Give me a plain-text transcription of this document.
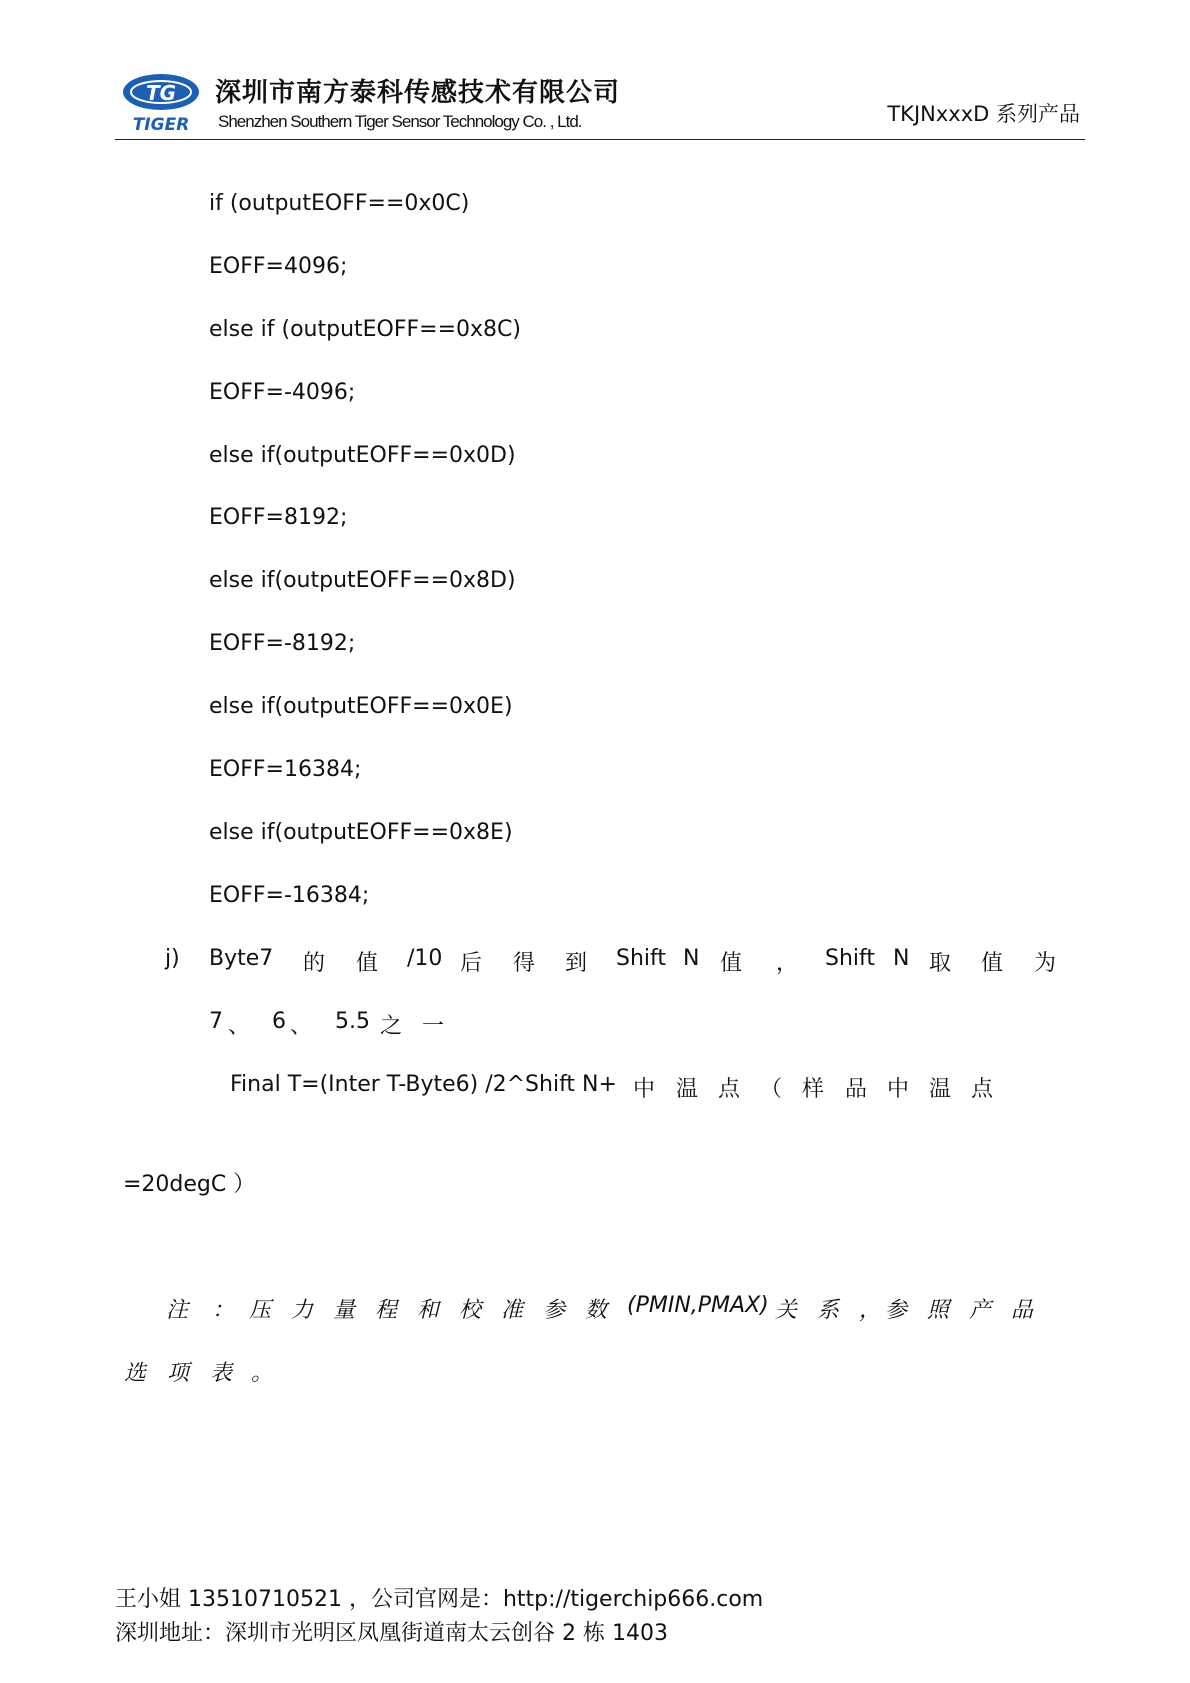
TG
TIGER
深圳市南方泰科传感技术有限公司
Shenzhen Southern Tiger Sensor Technology Co. , Ltd.	TKJNxxxD 系列产品
if (outputEOFF==0x0C)
EOFF=4096;
else if (outputEOFF==0x8C)
EOFF=-4096;
else if(outputEOFF==0x0D)
EOFF=8192;
else if(outputEOFF==0x8D)
EOFF=-8192;
else if(outputEOFF==0x0E)
EOFF=16384;
else if(outputEOFF==0x8E)
EOFF=-16384;
j) Byte7 的 值 /10 后 得 到 Shift N 值 ， Shift N 取 值 为
7 、 6 、 5.5 之 一
Final T=(Inter T-Byte6) /2^Shift N+ 中 温 点 （ 样 品 中 温 点
=20degC ）
注 ： 压 力 量 程 和 校 准 参 数 (PMIN,PMAX) 关 系 ， 参 照 产 品
选 项 表 。
王小姐 13510710521 ，公司官网是：http://tigerchip666.com
深圳地址：深圳市光明区凤凰街道南太云创谷 2 栋 1403
